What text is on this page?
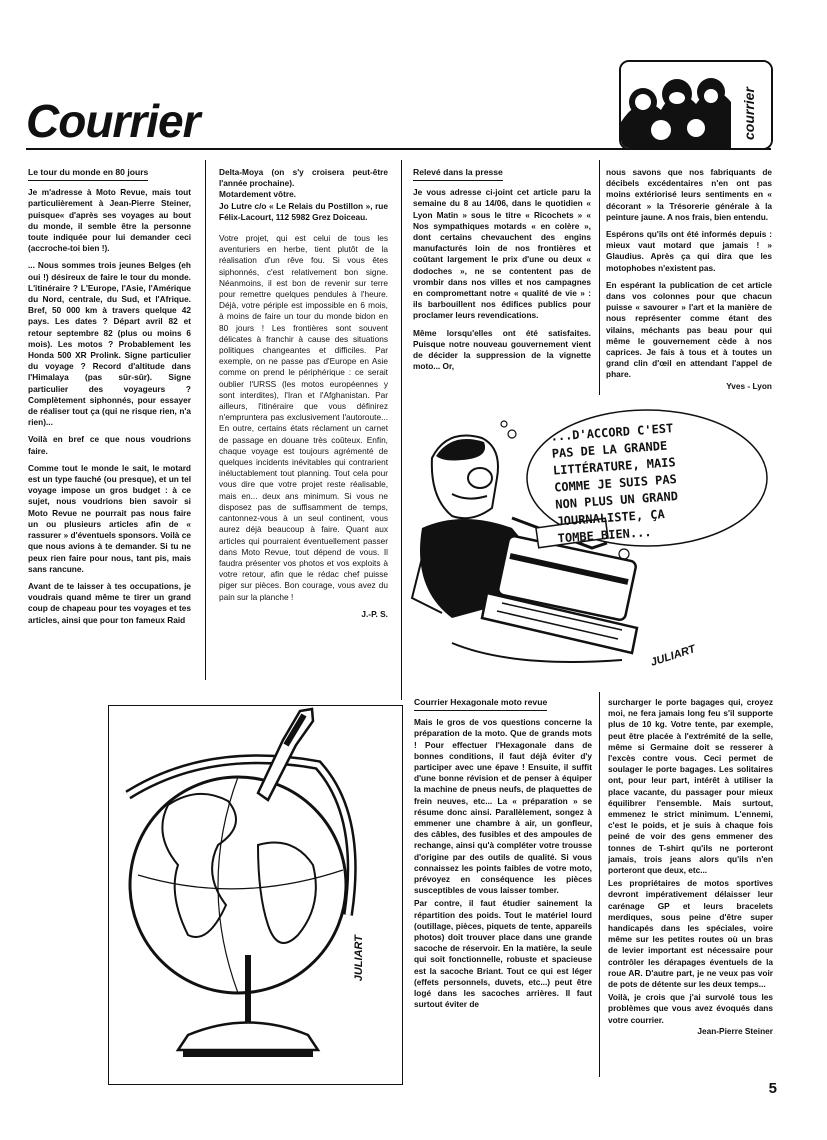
Courrier	courrier
Le tour du monde en 80 jours

Je m'adresse à Moto Revue, mais tout particulièrement à Jean-Pierre Steiner, puisque« d'après ses voyages au bout du monde, il semble être la personne toute indiquée pour lui demander ceci (accroche-toi bien !).

... Nous sommes trois jeunes Belges (eh oui !) désireux de faire le tour du monde. L'itinéraire ? L'Europe, l'Asie, l'Amérique du Nord, centrale, du Sud, et l'Afrique. Bref, 50 000 km à travers quelque 42 pays. Les dates ? Départ avril 82 et retour septembre 82 (plus ou moins 6 mois). Les motos ? Probablement les Honda 500 XR Prolink. Signe particulier du voyage ? Record d'altitude dans l'Himalaya (pas sûr-sûr). Signe particulier des voyageurs ? Complètement siphonnés, pour essayer de réaliser tout ça (qui ne risque rien, n'a rien)...

Voilà en bref ce que nous voudrions faire.

Comme tout le monde le sait, le motard est un type fauché (ou presque), et un tel voyage impose un gros budget : à ce sujet, nous voudrions bien savoir si Moto Revue ne pourrait pas nous faire un ou plusieurs articles afin de « rassurer » d'éventuels sponsors. Voilà ce que nous avions à te demander. Si tu ne peux rien faire pour nous, tant pis, mais sans rancune.

Avant de te laisser à tes occupations, je voudrais quand même te tirer un grand coup de chapeau pour tes voyages et tes articles, ainsi que pour ton fameux Raid

Delta-Moya (on s'y croisera peut-être l'année prochaine).

Motardement vôtre.

Jo Lutre c/o « Le Relais du Postillon », rue Félix-Lacourt, 112 5982 Grez Doiceau.

Votre projet, qui est celui de tous les aventuriers en herbe, tient plutôt de la réalisation d'un rêve fou. Si vous êtes siphonnés, c'est relativement bon signe. Néanmoins, il est bon de revenir sur terre pour remettre quelques pendules à l'heure. Déjà, votre périple est impossible en 6 mois, à moins de faire un tour du monde bidon en 80 jours ! Les frontières sont souvent délicates à franchir à cause des situations politiques changeantes et difficiles. Par exemple, on ne passe pas d'Europe en Asie comme on prend le périphérique : ce serait oublier l'URSS (les motos européennes y sont interdites), l'Iran et l'Afghanistan. Par ailleurs, l'itinéraire que vous définirez n'empruntera pas exclusivement l'autoroute... En outre, certains états réclament un carnet de passage en douane très coûteux. Enfin, chaque voyage est toujours agrémenté de quelques incidents inévitables qui contrarient inéluctablement tout planning. Tout cela pour vous dire que votre projet reste réalisable, mais en... deux ans minimum. Si vous ne disposez pas de suffisamment de temps, cantonnez-vous à un seul continent, vous aurez déjà beaucoup à faire. Quant aux articles qui pourraient éventuellement passer dans Moto Revue, tout dépend de vous. Il faudra présenter vos photos et vos exploits à votre retour, afin que le rédac chef puisse piger sur pièces. Bon courage, vous avez du pain sur la planche !

J.-P. S.
Relevé dans la presse

Je vous adresse ci-joint cet article paru la semaine du 8 au 14/06, dans le quotidien « Lyon Matin » sous le titre « Ricochets » « Nos sympathiques motards « en colère », dont certains chevauchent des engins manufacturés loin de nos frontières et coûtant largement le prix d'une ou deux « dodoches », ne se contentent pas de vrombir dans nos villes et nos campagnes en compromettant notre « qualité de vie » : ils barbouillent nos édifices publics pour proclamer leurs revendications.

Même lorsqu'elles ont été satisfaites. Puisque notre nouveau gouvernement vient de décider la suppression de la vignette moto... Or,

nous savons que nos fabriquants de décibels excédentaires n'en ont pas moins extériorisé leurs sentiments en « décorant » la Trésorerie générale à la peinture jaune. A nos frais, bien entendu.

Espérons qu'ils ont été informés depuis : mieux vaut motard que jamais ! » Glaudius. Après ça qui dira que les motophobes n'existent pas.

En espérant la publication de cet article dans vos colonnes pour que chacun puisse « savourer » l'art et la manière de nous représenter comme étant des vilains, méchants pas beau pour qui même le gouvernement cède à nos caprices. Je fais à tous et à toutes un grand clin d'œil en attendant l'appel de phare.

Yves - Lyon
...D'ACCORD C'EST
PAS DE LA GRANDE
LITTÉRATURE, MAIS
COMME JE SUIS PAS
NON PLUS UN GRAND
JOURNALISTE, ÇA
TOMBE BIEN...
JULIART
JULIART
Courrier Hexagonale moto revue

Mais le gros de vos questions concerne la préparation de la moto. Que de grands mots ! Pour effectuer l'Hexagonale dans de bonnes conditions, il faut déjà éviter d'y participer avec une épave ! Ensuite, il suffit d'une bonne révision et de penser à équiper la machine de pneus neufs, de plaquettes de frein neuves, etc... La « préparation » se résume donc ainsi. Parallèlement, songez à emmener une chambre à air, un gonfleur, des câbles, des fusibles et des ampoules de rechange, ainsi qu'à compléter votre trousse d'origine par des outils de qualité. Si vous connaissez les points faibles de votre moto, prévoyez en conséquence les pièces susceptibles de vous laisser tomber.

Par contre, il faut étudier sainement la répartition des poids. Tout le matériel lourd (outillage, pièces, piquets de tente, appareils photos) doit trouver place dans une grande sacoche de réservoir. En la matière, la seule qui soit fonctionnelle, robuste et spacieuse est la sacoche Briant. Tout ce qui est léger (effets personnels, duvets, etc...) peut être logé dans les sacoches arrières. Il faut surtout éviter de

surcharger le porte bagages qui, croyez moi, ne fera jamais long feu s'il supporte plus de 10 kg. Votre tente, par exemple, peut être placée à l'extrémité de la selle, même si Germaine doit se resserer à l'excès contre vous. Ceci permet de soulager le porte bagages. Les solitaires ont, pour leur part, intérêt à utiliser la place vacante, du passager pour mieux équilibrer l'ensemble. Mais surtout, emmenez le strict minimum. L'ennemi, c'est le poids, et je suis à chaque fois peiné de voir des gens emmener des tonnes de T-shirt qu'ils ne porteront jamais, trois jeans alors qu'ils n'en porteront que deux, etc...

Les propriétaires de motos sportives devront impérativement délaisser leur carénage GP et leurs bracelets merdiques, sous peine d'être super handicapés dans les spéciales, voire même sur les petites routes où un bras de levier important est nécessaire pour contrôler les dérapages éventuels de la roue AR. D'autre part, je ne veux pas voir de pots de détente sur les deux temps...

Voilà, je crois que j'ai survolé tous les problèmes que vous avez évoqués dans votre courrier.

Jean-Pierre Steiner
5
